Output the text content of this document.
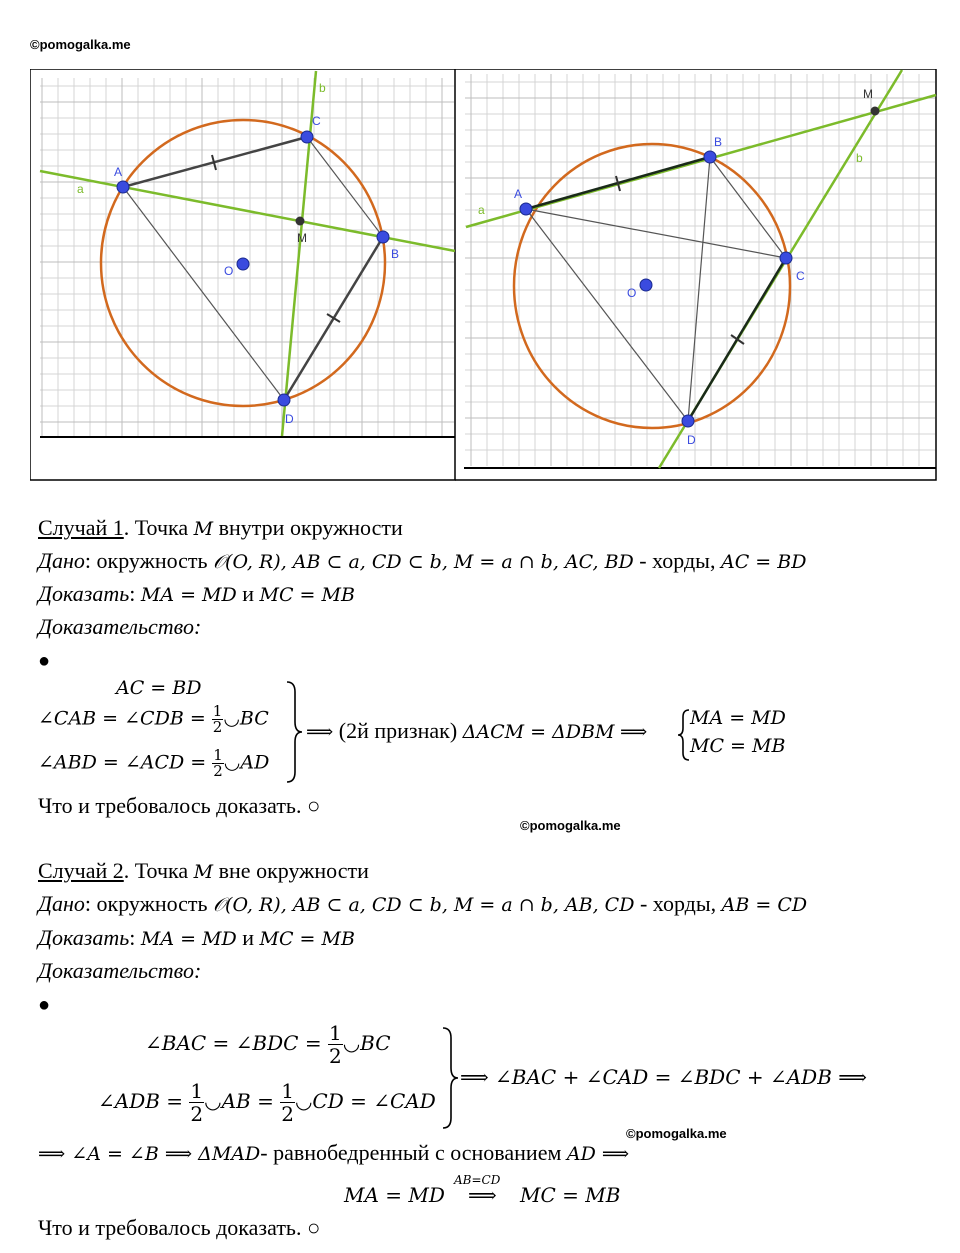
©pomogalka.me
©pomogalka.me
©pomogalka.me
A
C
B
D
O
M
a
b
A
B
C
D
O
M
a
b
Случай 1. Точка M внутри окружности
Дано: окружность 𝒪(O, R), AB ⊂ a, CD ⊂ b, M = a ∩ b, AC, BD - хорды, AC = BD
Доказать: MA = MD и MC = MB
Доказательство:
●
AC = BD
∠CAB = ∠CDB = $\frac{1}{2}$ ◡BC
∠ABD = ∠ACD = $\frac{1}{2}$ ◡AD
⟹ (2й признак) ΔACM = ΔDBM ⟹
MA = MD
MC = MB
Что и требовалось доказать. ○
Случай 2. Точка M вне окружности
Дано: окружность 𝒪(O, R), AB ⊂ a, CD ⊂ b, M = a ∩ b, AB, CD - хорды, AB = CD
Доказать: MA = MD и MC = MB
Доказательство:
●
∠BAC = ∠BDC = $\frac{1}{2}$ ◡BC
∠ADB = $\frac{1}{2}$ ◡AB = $\frac{1}{2}$ ◡CD = ∠CAD
⟹ ∠BAC + ∠CAD = ∠BDC + ∠ADB ⟹
⟹ ∠A = ∠B ⟹ ΔMAD- равнобедренный с основанием AD ⟹
MA = MD
AB=CD
⟹ MC = MB
Что и требовалось доказать. ○
